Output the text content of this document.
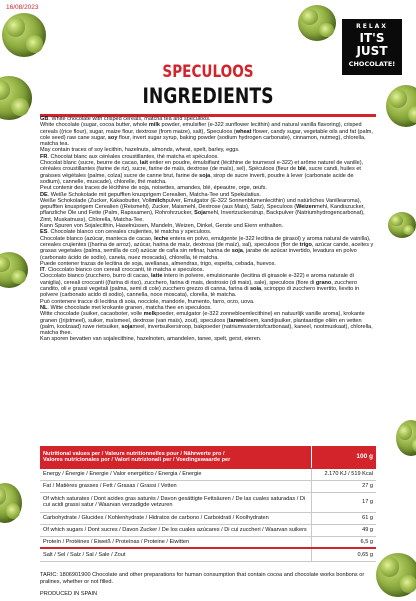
16/08/2023
RELAX
IT'S JUST
CHOCOLATE!
SPECULOOS
INGREDIENTS

GB. White chocolate with crisped cereals, matcha tea and speculoos.

White chocolate (sugar, cocoa butter, whole milk powder, emulsifier (e-322 sunflower lecithin) and natural vanilla flavoring), crisped cereals ((rice flour), sugar, maize flour, dextrose (from maize), salt), Speculoos (wheat flower, candy sugar, vegetable oils and fat (palm, cole seed) raw cane sugar, soy flour, invert sugar syrup, baking powder (sodium hydrogen carbonate), cinnamon, nutmeg), chlorella, matcha tea.

May contain traces of soy lecithin, hazelnuts, almonds, wheat, spelt, barley, eggs.

FR. Chocolat blanc aux céréales croustillantes, thé matcha et spéculoos.

Chocolat blanc (sucre, beurre de cacao, lait entier en poudre, émulsifiant (lécithine de tournesol e-322) et arôme naturel de vanille), céréales croustillantes (farine de riz), sucre, farine de maïs, dextrose (de maïs), sel), Spéculoos (fleur de blé, sucre candi, huiles et graisses végétales (palme, colza) sucre de canne brut, farine de soja, sirop de sucre inverti, poudre à lever (carbonate acide de sodium), cannelle, muscade), chlorelle, thé matcha.

Peut contenir des traces de lécithine de soja, noisettes, amandes, blé, épeautre, orge, œufs.

DE. Weiße Schokolade mit gepufften knusprigem Cerealien, Matcha-Tee und Spekulatius.

Weiße Schokolade (Zucker, Kakaobutter, Vollmilchpulver, Emulgator (E-322 Sonnenblumenlecithin) und natürliches Vanillearoma), gepufften knusprigem Cerealien ((Reismehl), Zucker, Maismehl, Dextrose (aus Mais), Salz), Speculoos (Weizenmehl, Kandiszucker, pflanzliche Öle und Fette (Palm, Rapssamen), Rohrohrzucker, Sojamehl, Invertzuckersirup, Backpulver (Natriumhydrogencarbonat), Zimt, Muskatnuss), Chlorella, Matcha-Tee.

Kann Spuren von Sojalecithin, Haselnüssen, Mandeln, Weizen, Dinkel, Gerste und Eiern enthalten.

ES. Chocolate blanco con cereales crujientes, té matcha y speculoos.

Chocolate blanco (azúcar, manteca de cacao, leche entera en polvo, emulgente (e-322 lecitina de girasol) y aroma natural de vainilla), cereales crujientes ((harina de arroz), azúcar, harina de maíz, dextrosa (de maíz), sal), speculoos (flor de trigo, azúcar cande, aceites y grasas vegetales (palma, semilla de col) azúcar de caña sin refinar, harina de soja, jarabe de azúcar invertido, levadura en polvo (carbonato ácido de sodio), canela, nuez moscada), chlorella, té matcha.

Puede contener trazas de lecitina de soja, avellanas, almendras, trigo, espelta, cebada, huevos.

IT. Cioccolato bianco con cereali croccanti, tè matcha e speculoos.

Cioccolato bianco (zucchero, burro di cacao, latte intero in polvere, emulsionante (lecitina di girasole e-322) e aroma naturale di vaniglia), cereali croccanti ((farina di riso), zucchero, farina di mais, destrosio (di mais), sale), speculoos (fiore di grano, zucchero candito, oli e grassi vegetali (palma, semi di cole) zucchero grezzo di canna, farina di soia, sciroppo di zucchero invertito, lievito in polvere (carbonato acido di sodio), cannella, noce moscata), clorella, tè matcha.

Può contenere tracce di lecitina di soia, nocciole, mandorle, frumento, farro, orzo, uova.

NL. Witte chocolade met krokante granen, matcha thee en speculoos.

Witte chocolade (suiker, cacaoboter, volle melkpoeder, emulgator (e-322 zonnebloemlecithine) en natuurlijk vanille aroma), krokante granen ((rijstmeel), suiker, maïsmeel, dextrose (van maïs), zout), speculoos (tarwebloem, kandijsuiker, plantaardige oliën en vetten (palm, koolzaad) ruwe rietsuiker, sojameel, invertsuikersiroop, bakpoeder (natriumwaterstofcarbonaat), kaneel, nootmuskaat), chlorella, matcha thee.

Kan sporen bevatten van sojalecithine, hazelnoten, amandelen, tarwe, spelt, gerst, eieren.

Nutritional values per / Valeurs nutritionnelles pour / Nährwerte pro /
Valores nutricionales por / Valori nutrizionali per / Voedingswaarde per	100 g
Energy / Énergie / Energie / Valor energético / Energia / Energie	2.170 KJ / 519 Kcal
Fat / Matières grasses / Fett / Grasas / Grassi / Vetten	27 g
Of which saturates / Dont acides gras saturés / Davon gesättigte Fettsäuren / De las cuales saturadas / Di cui acidi grassi satur / Waarvan verzadigde vetzuren	17 g
Carbohydrate / Glucides / Kohlenhydrate / Hidratos de carbono / Carboidrati / Koolhydraten	61 g
Of which sugars / Dont sucres / Davon Zucker / De los cuales azúcares / Di cui zuccheri / Waarvan suikers	49 g
Proteín / Protéines / Eiweiß / Proteínas / Proteine / Eiwitten	6,5 g
Salt / Sel / Salz / Sal / Sale / Zout	0,65 g
TARIC: 1806901900 Chocolate and other preparations for human consumption that contain cocoa and chocolate works bonbons or pralines, whether or not filled.
PRODUCED IN SPAIN
